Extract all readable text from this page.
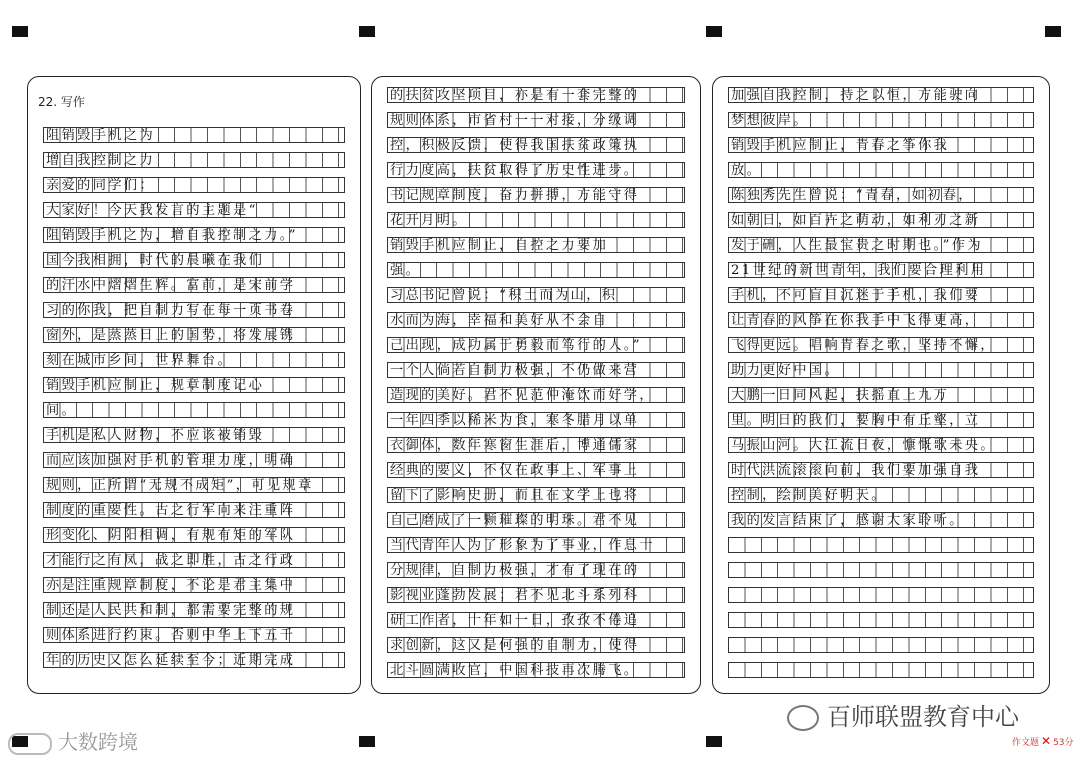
22. 写作
阻销毁手机之为
增自我控制之力
亲爱的同学们：
大家好！今天我发言的主题是“
阻销毁手机之为，增自我控制之力。”
国今我相拥，时代的晨曦在我们
的汗水中熠熠生辉。富前，是宋前学
习的你我，把自制力写在每一页书卷
窗外，是蒸蒸日上的国势，将发展镌
刻在城市乡间，世界舞台。
销毁手机应制止，规章制度记心
间。
手机是私人财物，不应该被销毁
而应该加强对手机的管理力度，明确
规则，正所谓“无规不成矩”，可见规章
制度的重要性。古之行军向来注重阵
形变化、阴阳相调，有规有矩的军队
才能行之有凤，战之即胜，古之行政
亦是注重规章制度，不论是君主集中
制还是人民共和制，都需要完整的规
则体系进行约束。否则中华上下五千
年的历史又怎么延续至今；近期完成
的扶贫攻坚项目，亦是有一套完整的
规则体系，市省村一一对接，分级调
控，积极反馈，使得我国扶贫政策执
行力度高，扶贫取得了历史性进步。
书记规章制度，奋力拼搏，方能守得
花开月明。
销毁手机应制止，自控之力要加
强。
习总书记曾说：“积土而为山，积
水而为海，幸福和美好从不会自
己出现，成功属于勇毅而笃行的人。”
一个人倘若自制力极强，不仍做来营
造现的美好。君不见范仲淹饮而好学，
一年四季以稀米为食，寒冬腊月以单
衣御体，数年寒窗生涯后，博通儒家
经典的要义，不仅在政事上、军事上
留下了影响史册，而且在文学上也将
自己磨成了一颗璀璨的明珠。君不见
当代青年人为了形象为了事业，作息十
分规律，自制力极强，才有了现在的
影视业蓬勃发展；君不见北斗系列科
研工作者，十年如一日，孜孜不倦追
求创新，这又是何强的自制力，使得
北斗圆满收官，中国科技再次腾飞。
加强自我控制，持之以恒，方能驶向
梦想彼岸。
销毁手机应制止，青春之筝你我
放。
陈独秀先生曾说：“青春，如初春，
如朝日，如百卉之萌动，如利刃之新
发于硎，人生最宝贵之时期也。”作为
21世纪的新世青年，我们要合理利用
手机，不可盲目沉迷于手机，我们要
让青春的风筝在你我手中飞得更高，
飞得更远。唱响青春之歌，坚持不懈，
助力更好中国。
大鹏一日同风起，扶摇直上九万
里。明日的我们，要胸中有丘壑，立
马振山河。大江流日夜，慷慨歌未央。
时代洪流滚滚向前，我们要加强自我
控制，绘制美好明天。
我的发言结束了，感谢大家聆听。
大数跨境
百师联盟教育中心
作文题 ✕ 53分
